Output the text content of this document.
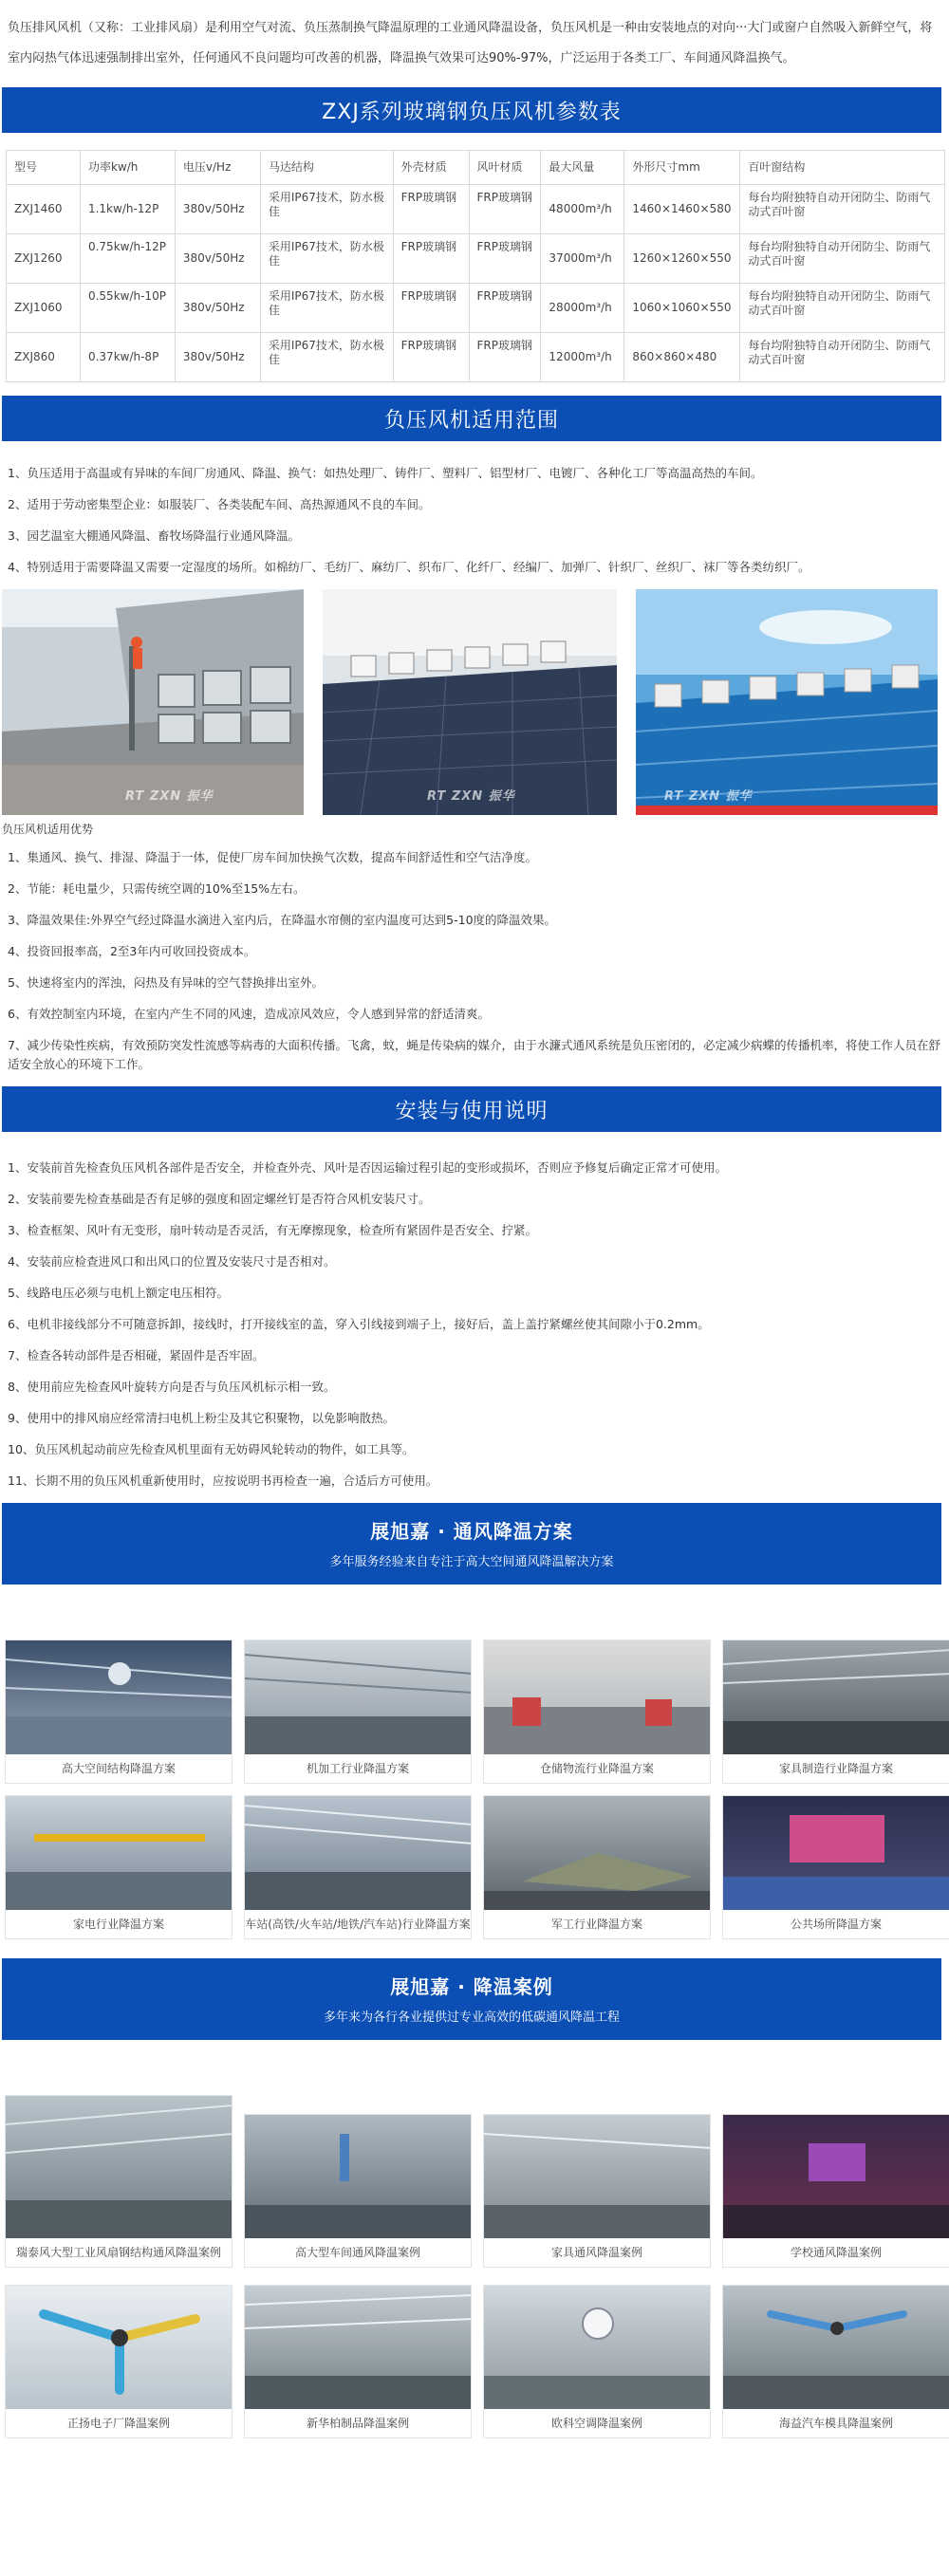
负压排风风机（又称：工业排风扇）是利用空气对流、负压蒸制换气降温原理的工业通风降温设备，负压风机是一种由安装地点的对向···大门或窗户自然吸入新鲜空气，将室内闷热气体迅速强制排出室外，任何通风不良问题均可改善的机器，降温换气效果可达90%-97%，广泛运用于各类工厂、车间通风降温换气。
ZXJ系列玻璃钢负压风机参数表
型号	功率kw/h	电压v/Hz	马达结构	外壳材质	风叶材质	最大风量	外形尺寸mm	百叶窗结构
ZXJ1460	1.1kw/h-12P	380v/50Hz	采用IP67技术，防水极佳	FRP玻璃钢	FRP玻璃钢	48000m³/h	1460×1460×580	每台均附独特自动开闭防尘、防雨气动式百叶窗
ZXJ1260	0.75kw/h-12P	380v/50Hz	采用IP67技术，防水极佳	FRP玻璃钢	FRP玻璃钢	37000m³/h	1260×1260×550	每台均附独特自动开闭防尘、防雨气动式百叶窗
ZXJ1060	0.55kw/h-10P	380v/50Hz	采用IP67技术，防水极佳	FRP玻璃钢	FRP玻璃钢	28000m³/h	1060×1060×550	每台均附独特自动开闭防尘、防雨气动式百叶窗
ZXJ860	0.37kw/h-8P	380v/50Hz	采用IP67技术，防水极佳	FRP玻璃钢	FRP玻璃钢	12000m³/h	860×860×480	每台均附独特自动开闭防尘、防雨气动式百叶窗
负压风机适用范围

1、负压适用于高温或有异味的车间厂房通风、降温、换气：如热处理厂、铸件厂、塑料厂、铝型材厂、电镀厂、各种化工厂等高温高热的车间。

2、适用于劳动密集型企业：如服装厂、各类装配车间、高热源通风不良的车间。

3、园艺温室大棚通风降温、畜牧场降温行业通风降温。

4、特别适用于需要降温又需要一定湿度的场所。如棉纺厂、毛纺厂、麻纺厂、织布厂、化纤厂、经编厂、加弹厂、针织厂、丝织厂、袜厂等各类纺织厂。

RT ZXN 振华	RT ZXN 振华	RT ZXN 振华
负压风机适用优势

1、集通风、换气、排湿、降温于一体，促使厂房车间加快换气次数，提高车间舒适性和空气洁净度。

2、节能：耗电量少，只需传统空调的10%至15%左右。

3、降温效果佳:外界空气经过降温水滴进入室内后，在降温水帘侧的室内温度可达到5-10度的降温效果。

4、投资回报率高，2至3年内可收回投资成本。

5、快速将室内的浑浊，闷热及有异味的空气替换排出室外。

6、有效控制室内环境，在室内产生不同的风速，造成凉风效应，令人感到异常的舒适清爽。

7、减少传染性疾病，有效预防突发性流感等病毒的大面积传播。飞禽，蚊，蝇是传染病的媒介，由于水濂式通风系统是负压密闭的，必定减少病蝶的传播机率，将使工作人员在舒适安全放心的环境下工作。

安装与使用说明

1、安装前首先检查负压风机各部件是否安全，并检查外壳、风叶是否因运输过程引起的变形或损坏，否则应予修复后确定正常才可使用。

2、安装前要先检查基础是否有足够的强度和固定螺丝钉是否符合风机安装尺寸。

3、检查框架、风叶有无变形，扇叶转动是否灵活，有无摩擦现象，检查所有紧固件是否安全、拧紧。

4、安装前应检查进风口和出风口的位置及安装尺寸是否相对。

5、线路电压必须与电机上额定电压相符。

6、电机非接线部分不可随意拆卸，接线时，打开接线室的盖，穿入引线接到端子上，接好后，盖上盖拧紧螺丝使其间隙小于0.2mm。

7、检查各转动部件是否相碰，紧固件是否牢固。

8、使用前应先检查风叶旋转方向是否与负压风机标示相一致。

9、使用中的排风扇应经常清扫电机上粉尘及其它积聚物，以免影响散热。

10、负压风机起动前应先检查风机里面有无妨碍风轮转动的物件，如工具等。

11、长期不用的负压风机重新使用时，应按说明书再检查一遍，合适后方可使用。

展旭嘉 · 通风降温方案
多年服务经验来自专注于高大空间通风降温解决方案
高大空间结构降温方案	机加工行业降温方案	仓储物流行业降温方案	家具制造行业降温方案
家电行业降温方案	车站(高铁/火车站/地铁/汽车站)行业降温方案	军工行业降温方案	公共场所降温方案
展旭嘉 · 降温案例
多年来为各行各业提供过专业高效的低碳通风降温工程
瑞泰风大型工业风扇钢结构通风降温案例	高大型车间通风降温案例	家具通风降温案例	学校通风降温案例
正扬电子厂降温案例	新华柏制品降温案例	欧科空调降温案例	海益汽车模具降温案例
